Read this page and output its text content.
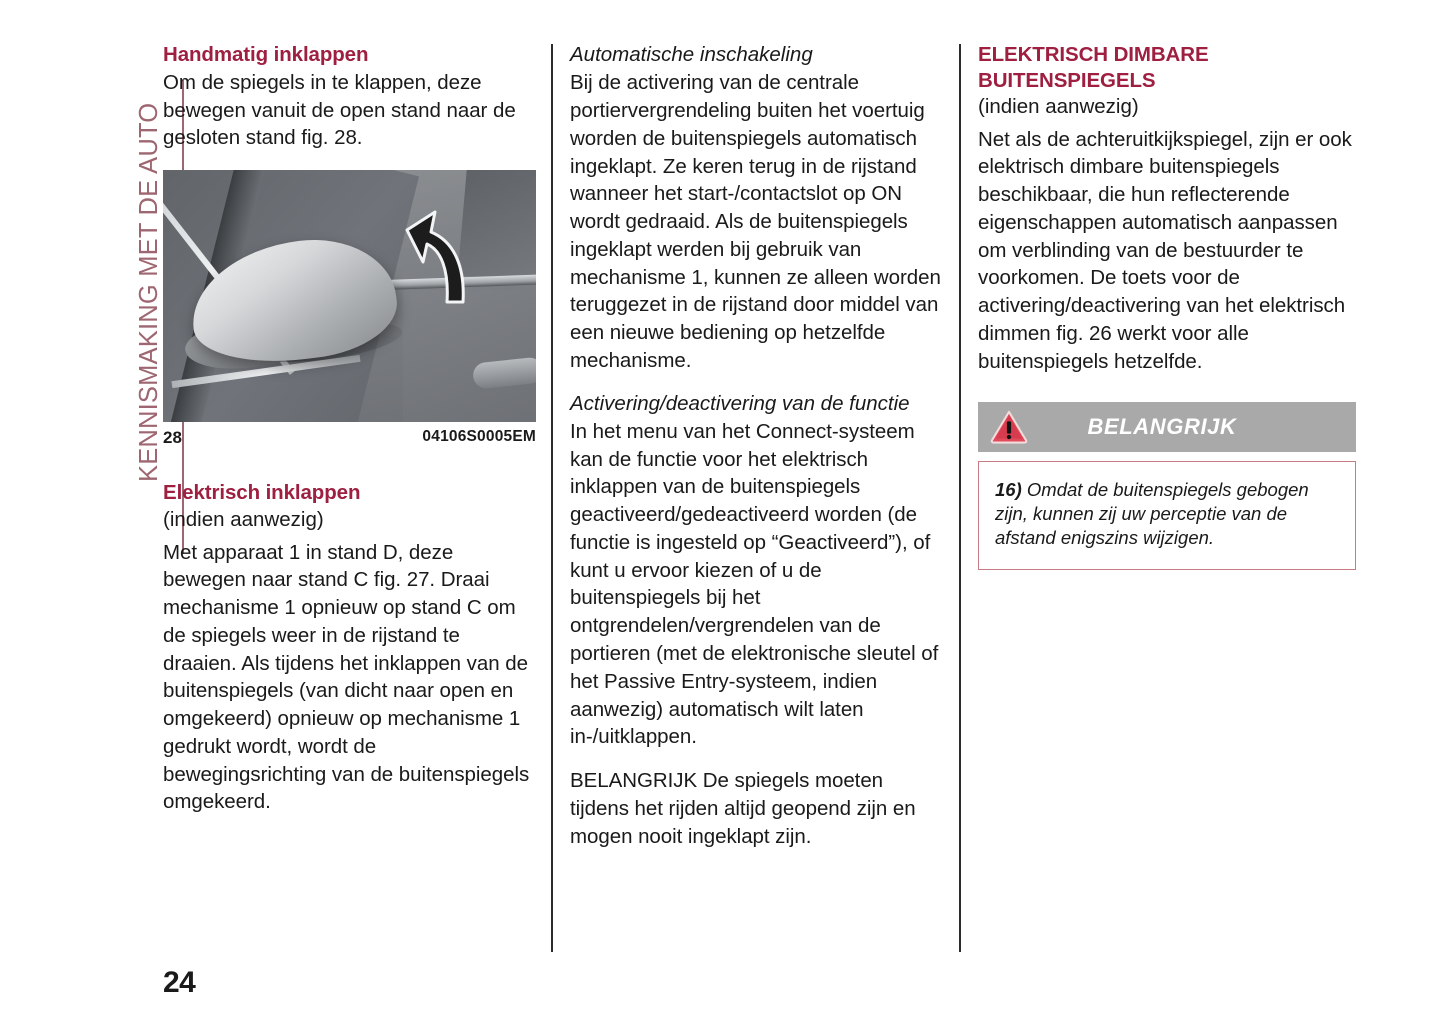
KENNISMAKING MET DE AUTO
Handmatig inklappen

Om de spiegels in te klappen, deze bewegen vanuit de open stand naar de gesloten stand fig. 28.

28	04106S0005EM
Elektrisch inklappen

(indien aanwezig)

Met apparaat 1 in stand D, deze bewegen naar stand C fig. 27. Draai mechanisme 1 opnieuw op stand C om de spiegels weer in de rijstand te draaien. Als tijdens het inklappen van de buitenspiegels (van dicht naar open en omgekeerd) opnieuw op mechanisme 1 gedrukt wordt, wordt de bewegingsrichting van de buitenspiegels omgekeerd.

Automatische inschakeling

Bij de activering van de centrale portiervergrendeling buiten het voertuig worden de buitenspiegels automatisch ingeklapt. Ze keren terug in de rijstand wanneer het start-/contactslot op ON wordt gedraaid. Als de buitenspiegels ingeklapt werden bij gebruik van mechanisme 1, kunnen ze alleen worden teruggezet in de rijstand door middel van een nieuwe bediening op hetzelfde mechanisme.

Activering/deactivering van de functie

In het menu van het Connect-systeem kan de functie voor het elektrisch inklappen van de buitenspiegels geactiveerd/gedeactiveerd worden (de functie is ingesteld op “Geactiveerd”), of kunt u ervoor kiezen of u de buitenspiegels bij het ontgrendelen/vergrendelen van de portieren (met de elektronische sleutel of het Passive Entry-systeem, indien aanwezig) automatisch wilt laten in-/uitklappen.

BELANGRIJK De spiegels moeten tijdens het rijden altijd geopend zijn en mogen nooit ingeklapt zijn.

ELEKTRISCH DIMBARE
BUITENSPIEGELS

(indien aanwezig)

Net als de achteruitkijkspiegel, zijn er ook elektrisch dimbare buitenspiegels beschikbaar, die hun reflecterende eigenschappen automatisch aanpassen om verblinding van de bestuurder te voorkomen. De toets voor de activering/deactivering van het elektrisch dimmen fig. 26 werkt voor alle buitenspiegels hetzelfde.

BELANGRIJK

16) Omdat de buitenspiegels gebogen zijn, kunnen zij uw perceptie van de afstand enigszins wijzigen.

24
